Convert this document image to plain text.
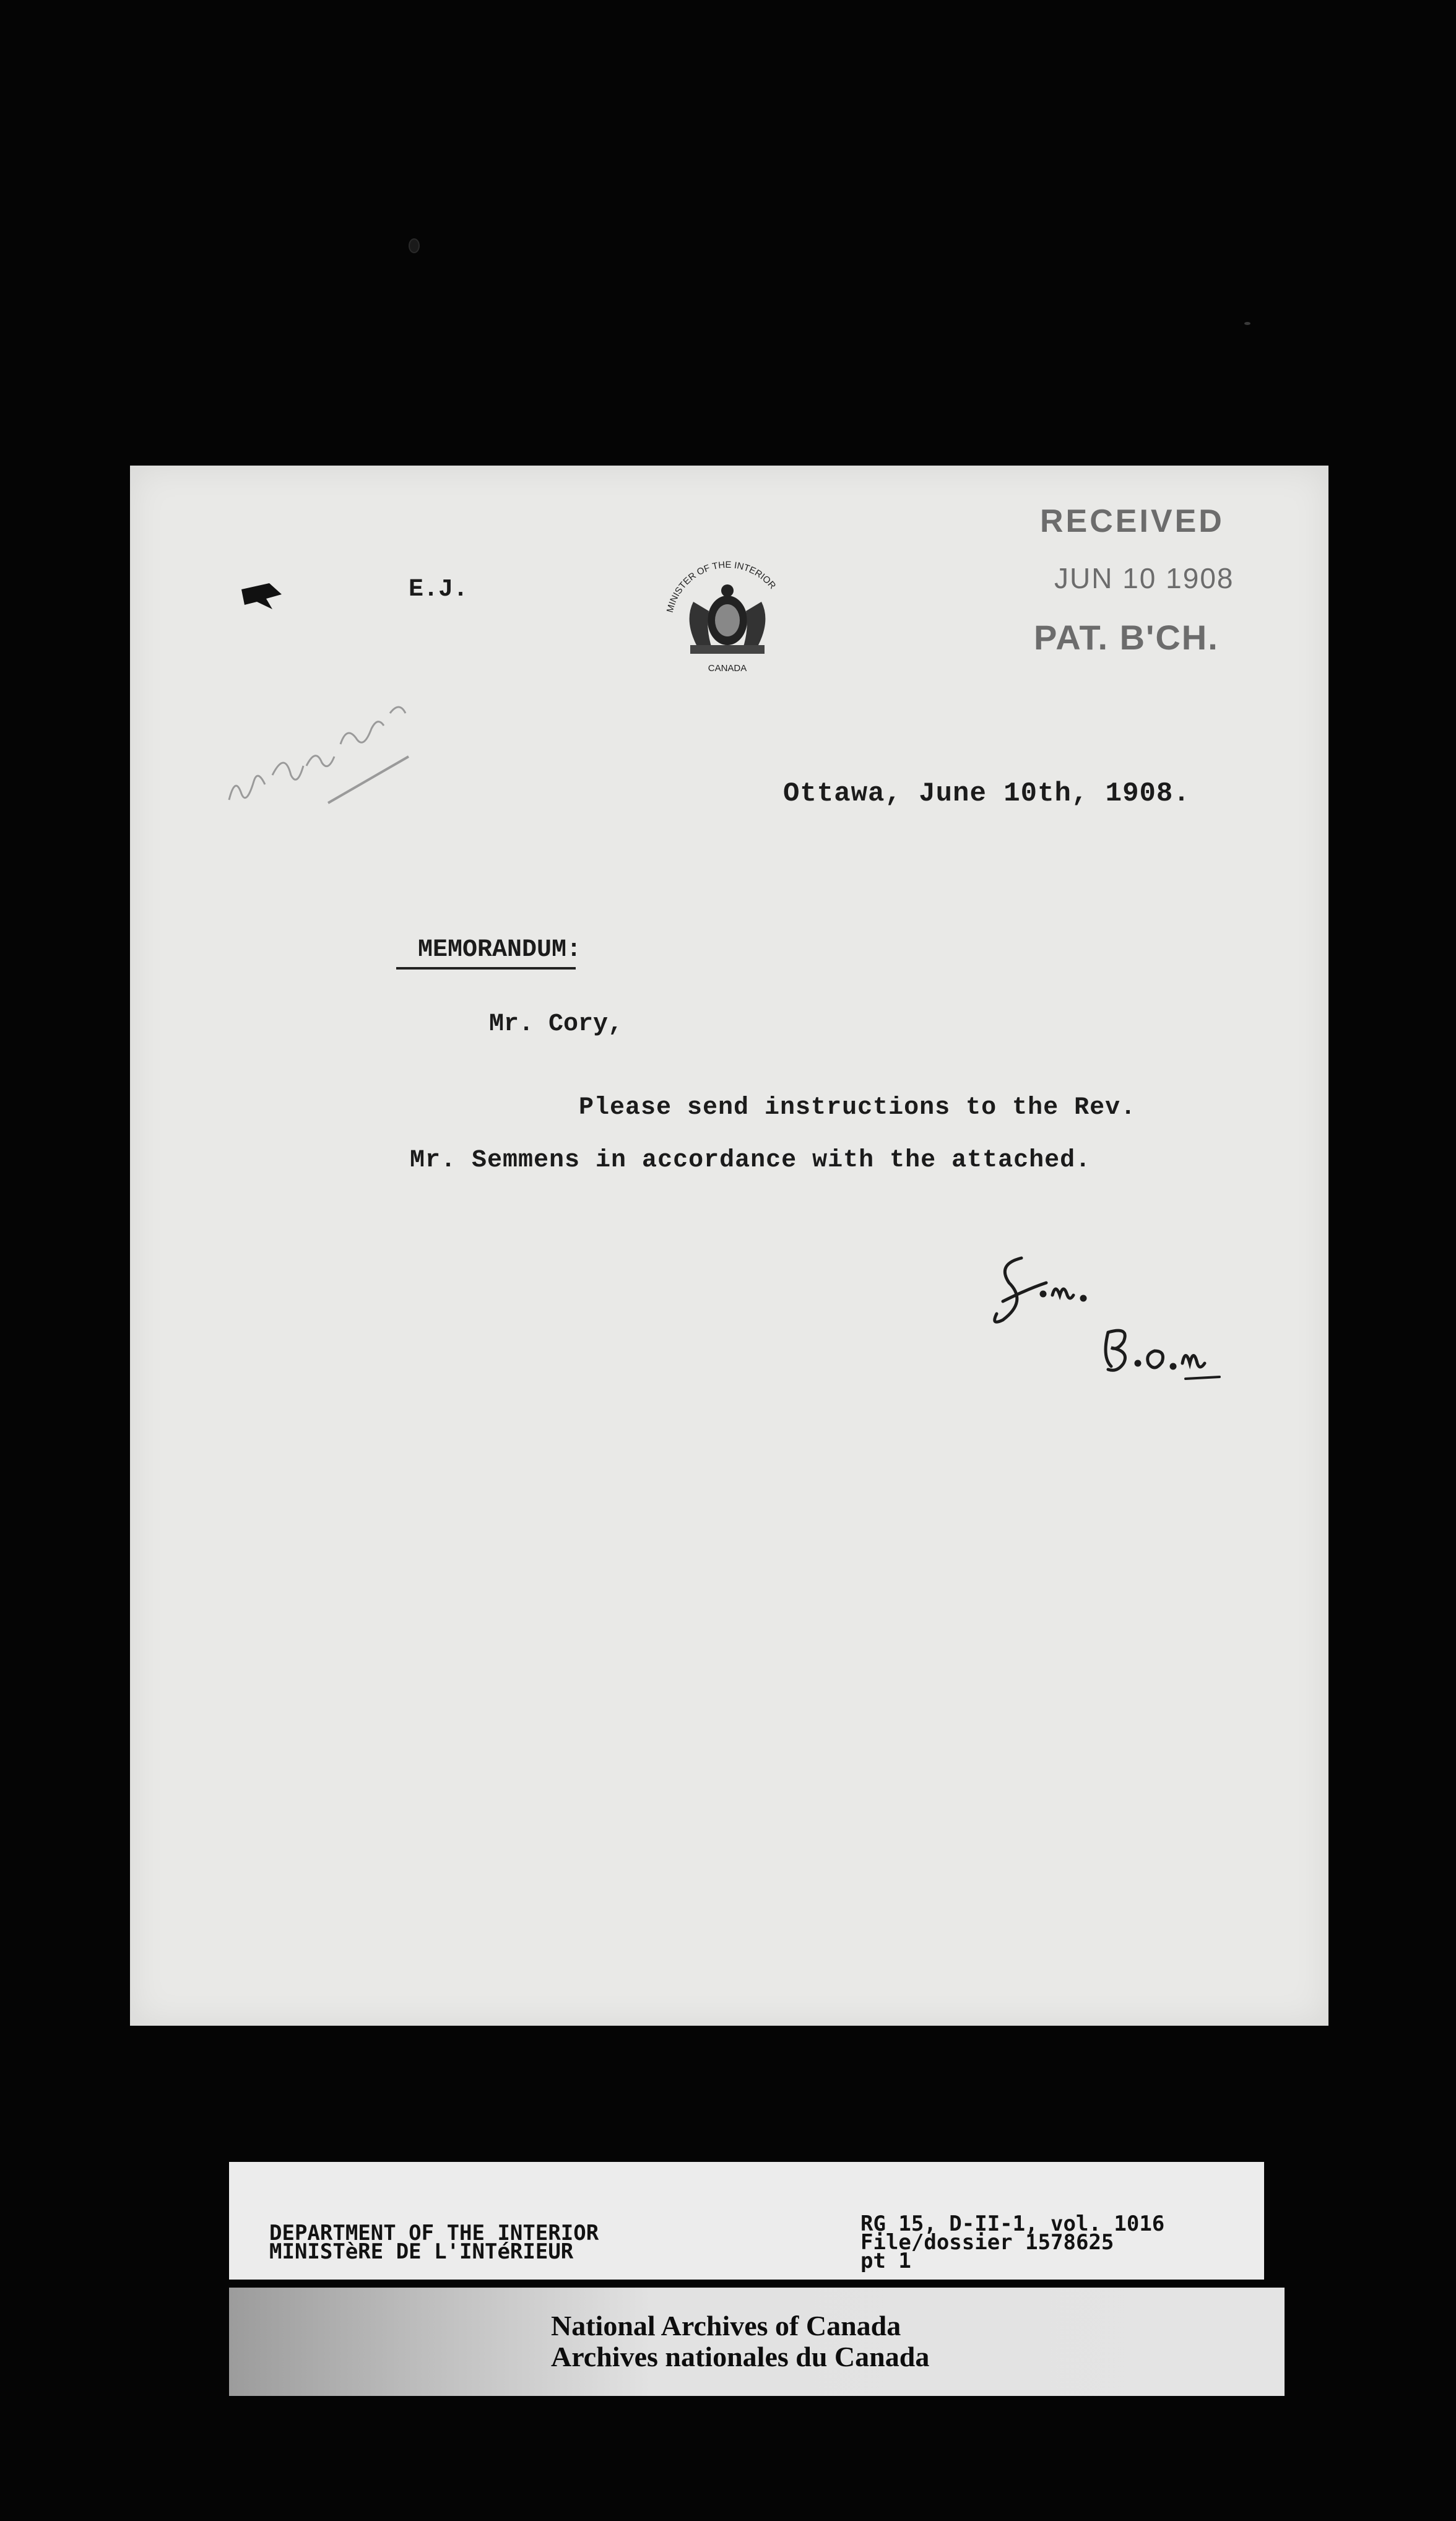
E.J.
MINISTER OF THE INTERIOR
CANADA
RECEIVED
JUN 10 1908
PAT. B'CH.
Ottawa, June 10th, 1908.
MEMORANDUM:
Mr. Cory,
Please send instructions to the Rev.
Mr. Semmens in accordance with the attached.
DEPARTMENT OF THE INTERIOR
MINISTèRE DE L'INTéRIEUR
RG 15, D-II-1, vol. 1016
File/dossier 1578625
pt 1
National Archives of Canada
Archives nationales du Canada
